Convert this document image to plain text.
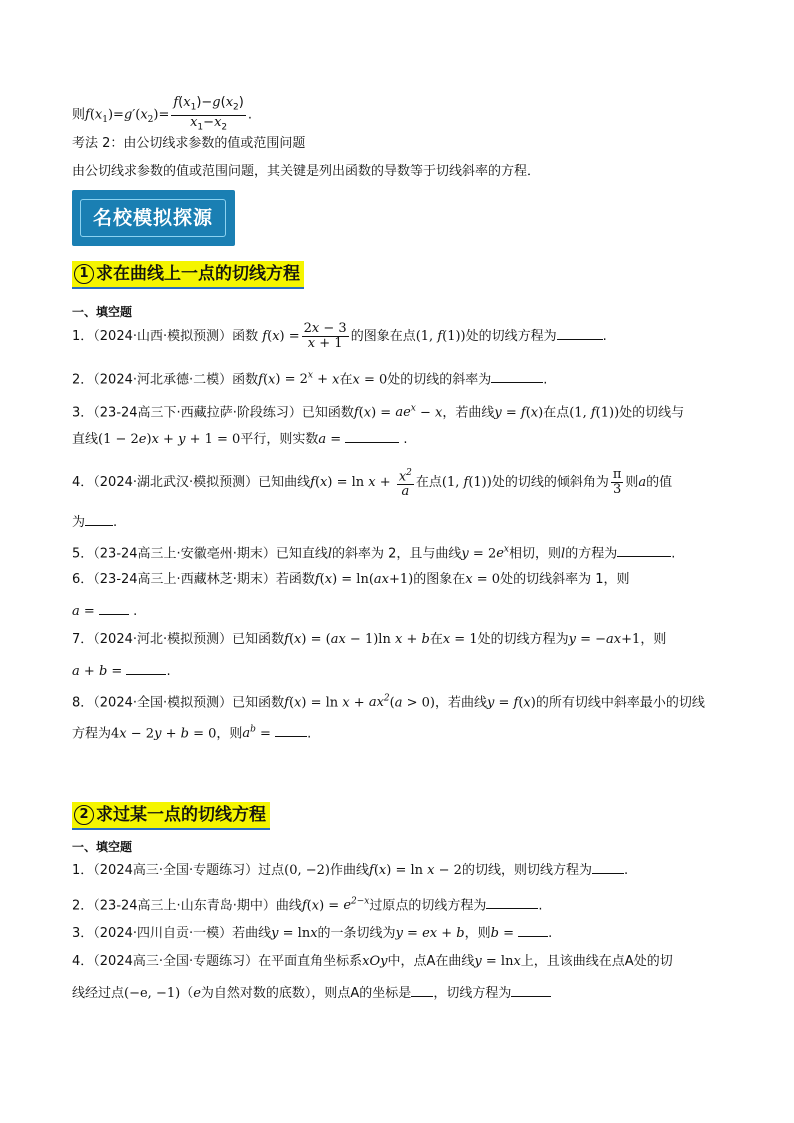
则$f(x_1)=g'(x_2)= \frac{f(x_1)-g(x_2)}{x_1-x_2}$ .
考法 2：由公切线求参数的值或范围问题
由公切线求参数的值或范围问题，其关键是列出函数的导数等于切线斜率的方程．
名校模拟探源
1 求在曲线上一点的切线方程
一、填空题
1．（2024·山西·模拟预测）函数 $f(x) = \frac{2x - 3}{x + 1}$ 的图象在点(1, f(1))处的切线方程为	.
2．（2024·河北承德·二模）函数$f(x) = 2^x + x$在x = 0处的切线的斜率为	.
3．（23-24高三下·西藏拉萨·阶段练习）已知函数$f(x) = ae^x - x$，若曲线y = f(x)在点(1, f(1))处的切线与
直线(1 − 2e)x + y + 1 = 0平行，则实数a =	.
4．（2024·湖北武汉·模拟预测）已知曲线$f(x) = \ln x + \frac{x^2}{a}$ 在点(1, f(1))处的切线的倾斜角为 $\frac{\pi}{3}$ 则a的值
为 .
5．（23-24高三上·安徽亳州·期末）已知直线l的斜率为 2，且与曲线$y = 2e^x$相切，则l的方程为	.
6．（23-24高三上·西藏林芝·期末）若函数f(x) = ln(ax+1)的图象在x = 0处的切线斜率为 1，则
a =  .
7．（2024·河北·模拟预测）已知函数f(x) = (ax − 1)ln x + b在x = 1处的切线方程为y = −ax+1，则
a + b =	.
8．（2024·全国·模拟预测）已知函数$f(x) = \ln x + ax^2(a > 0)$，若曲线y = f(x)的所有切线中斜率最小的切线
方程为4x − 2y + b = 0，则$a^b$ = .
2 求过某一点的切线方程
一、填空题
1．（2024高三·全国·专题练习）过点(0, −2)作曲线f(x) = ln x − 2的切线，则切线方程为 .
2．（23-24高三上·山东青岛·期中）曲线$f(x) = e^{2-x}$过原点的切线方程为	.
3．（2024·四川自贡·一模）若曲线y = lnx的一条切线为y = ex + b，则b = .
4．（2024高三·全国·专题练习）在平面直角坐标系xOy中，点A在曲线y = lnx上，且该曲线在点A处的切
线经过点(−e, −1)（e为自然对数的底数），则点A的坐标是 ，切线方程为
